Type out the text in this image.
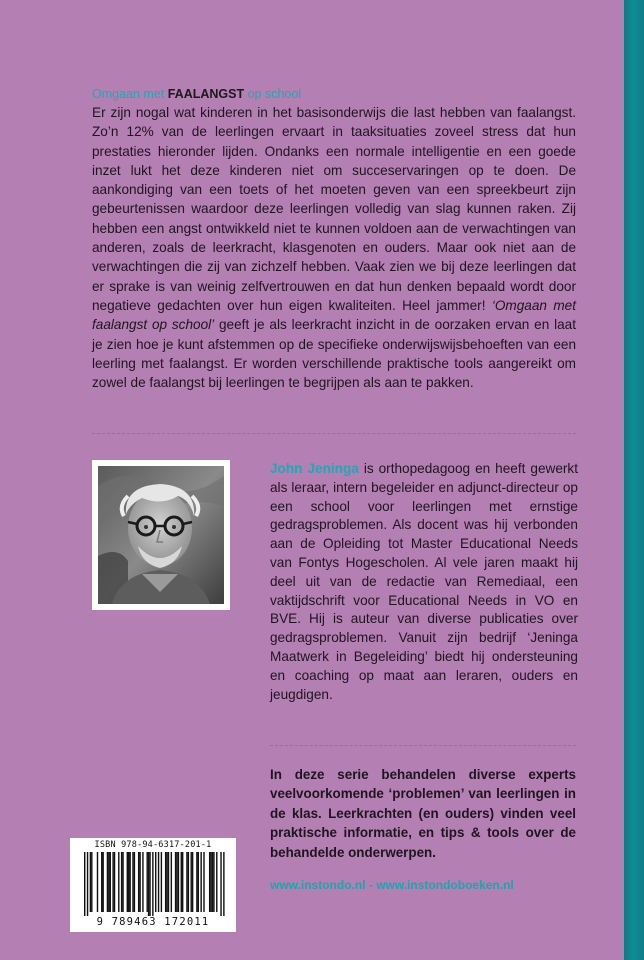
Omgaan met FAALANGST op school

Er zijn nogal wat kinderen in het basisonderwijs die last hebben van faalangst. Zo’n 12% van de leerlingen ervaart in taaksituaties zoveel stress dat hun prestaties hieronder lijden. Ondanks een normale intelligentie en een goede inzet lukt het deze kinderen niet om succeservaringen op te doen. De aankondiging van een toets of het moeten geven van een spreekbeurt zijn gebeurtenissen waardoor deze leerlingen volledig van slag kunnen raken. Zij hebben een angst ontwikkeld niet te kunnen voldoen aan de verwachtingen van anderen, zoals de leerkracht, klasgenoten en ouders. Maar ook niet aan de verwachtingen die zij van zichzelf hebben. Vaak zien we bij deze leerlingen dat er sprake is van weinig zelfvertrouwen en dat hun denken bepaald wordt door negatieve gedachten over hun eigen kwaliteiten. Heel jammer! ‘Omgaan met faalangst op school’ geeft je als leerkracht inzicht in de oorzaken ervan en laat je zien hoe je kunt afstemmen op de specifieke onderwijswijsbehoeften van een leerling met faalangst. Er worden verschillende praktische tools aangereikt om zowel de faalangst bij leerlingen te begrijpen als aan te pakken.

John Jeninga is orthopedagoog en heeft gewerkt als leraar, intern begeleider en adjunct-directeur op een school voor leerlingen met ernstige gedragsproblemen. Als docent was hij verbonden aan de Opleiding tot Master Educational Needs van Fontys Hogescholen. Al vele jaren maakt hij deel uit van de redactie van Remediaal, een vaktijdschrift voor Educational Needs in VO en BVE. Hij is auteur van diverse publicaties over gedragsproblemen. Vanuit zijn bedrijf ‘Jeninga Maatwerk in Begeleiding’ biedt hij ondersteuning en coaching op maat aan leraren, ouders en jeugdigen.

ISBN 978-94-6317-201-1
9 789463 172011

In deze serie behandelen diverse experts veelvoorkomende ‘problemen’ van leerlingen in de klas. Leerkrachten (en ouders) vinden veel praktische informatie, en tips & tools over de behandelde onderwerpen.

www.instondo.nl - www.instondoboeken.nl
